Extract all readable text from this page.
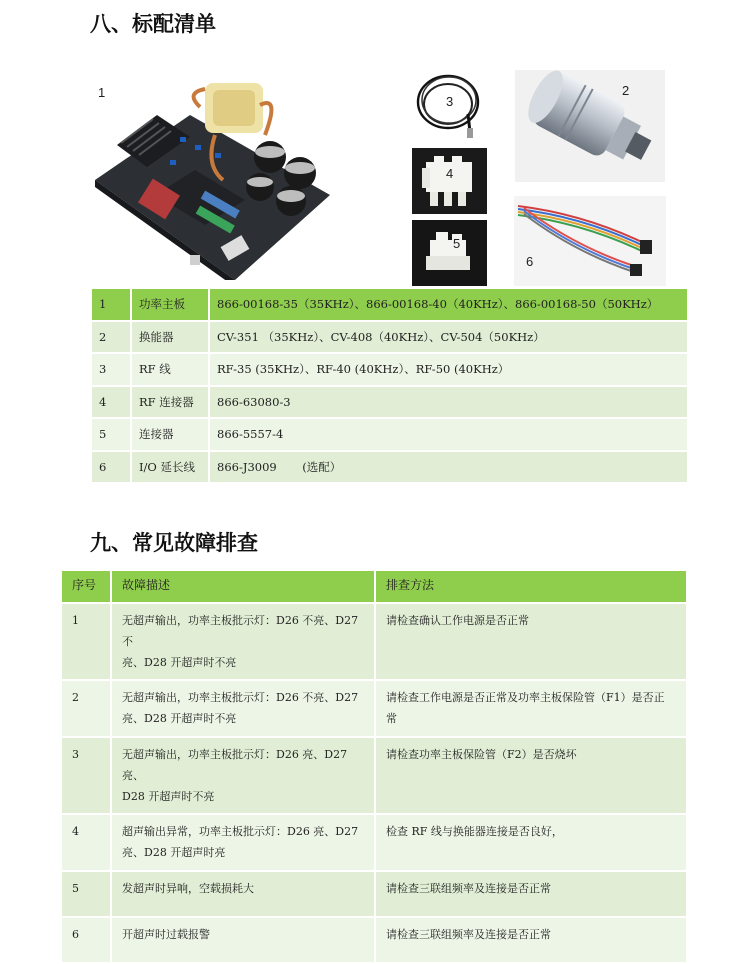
八、标配清单
1
3
2
4
5
6
1	功率主板	866-00168-35（35KHz）、866-00168-40（40KHz）、866-00168-50（50KHz）
2	换能器	CV-351 （35KHz）、CV-408（40KHz）、CV-504（50KHz）
3	RF 线	RF-35 (35KHz）、RF-40 (40KHz）、RF-50 (40KHz）
4	RF 连接器	866-63080-3
5	连接器	866-5557-4
6	I/O 延长线	866-J3009       (选配）
九、常见故障排查
序号	故障描述	排查方法
1	无超声输出，功率主板批示灯：D26 不亮、D27 不
亮、D28 开超声时不亮	请检查确认工作电源是否正常

2	无超声输出，功率主板批示灯：D26 不亮、D27
亮、D28 开超声时不亮	请检查工作电源是否正常及功率主板保险管（F1）是否正
常
3	无超声输出，功率主板批示灯：D26 亮、D27 亮、
D28 开超声时不亮	请检查功率主板保险管（F2）是否烧坏

4	超声输出异常，功率主板批示灯：D26 亮、D27
亮、D28 开超声时亮	检查 RF 线与换能器连接是否良好，

5	发超声时异响，空载损耗大	请检查三联组频率及连接是否正常
6	开超声时过载报警	请检查三联组频率及连接是否正常
